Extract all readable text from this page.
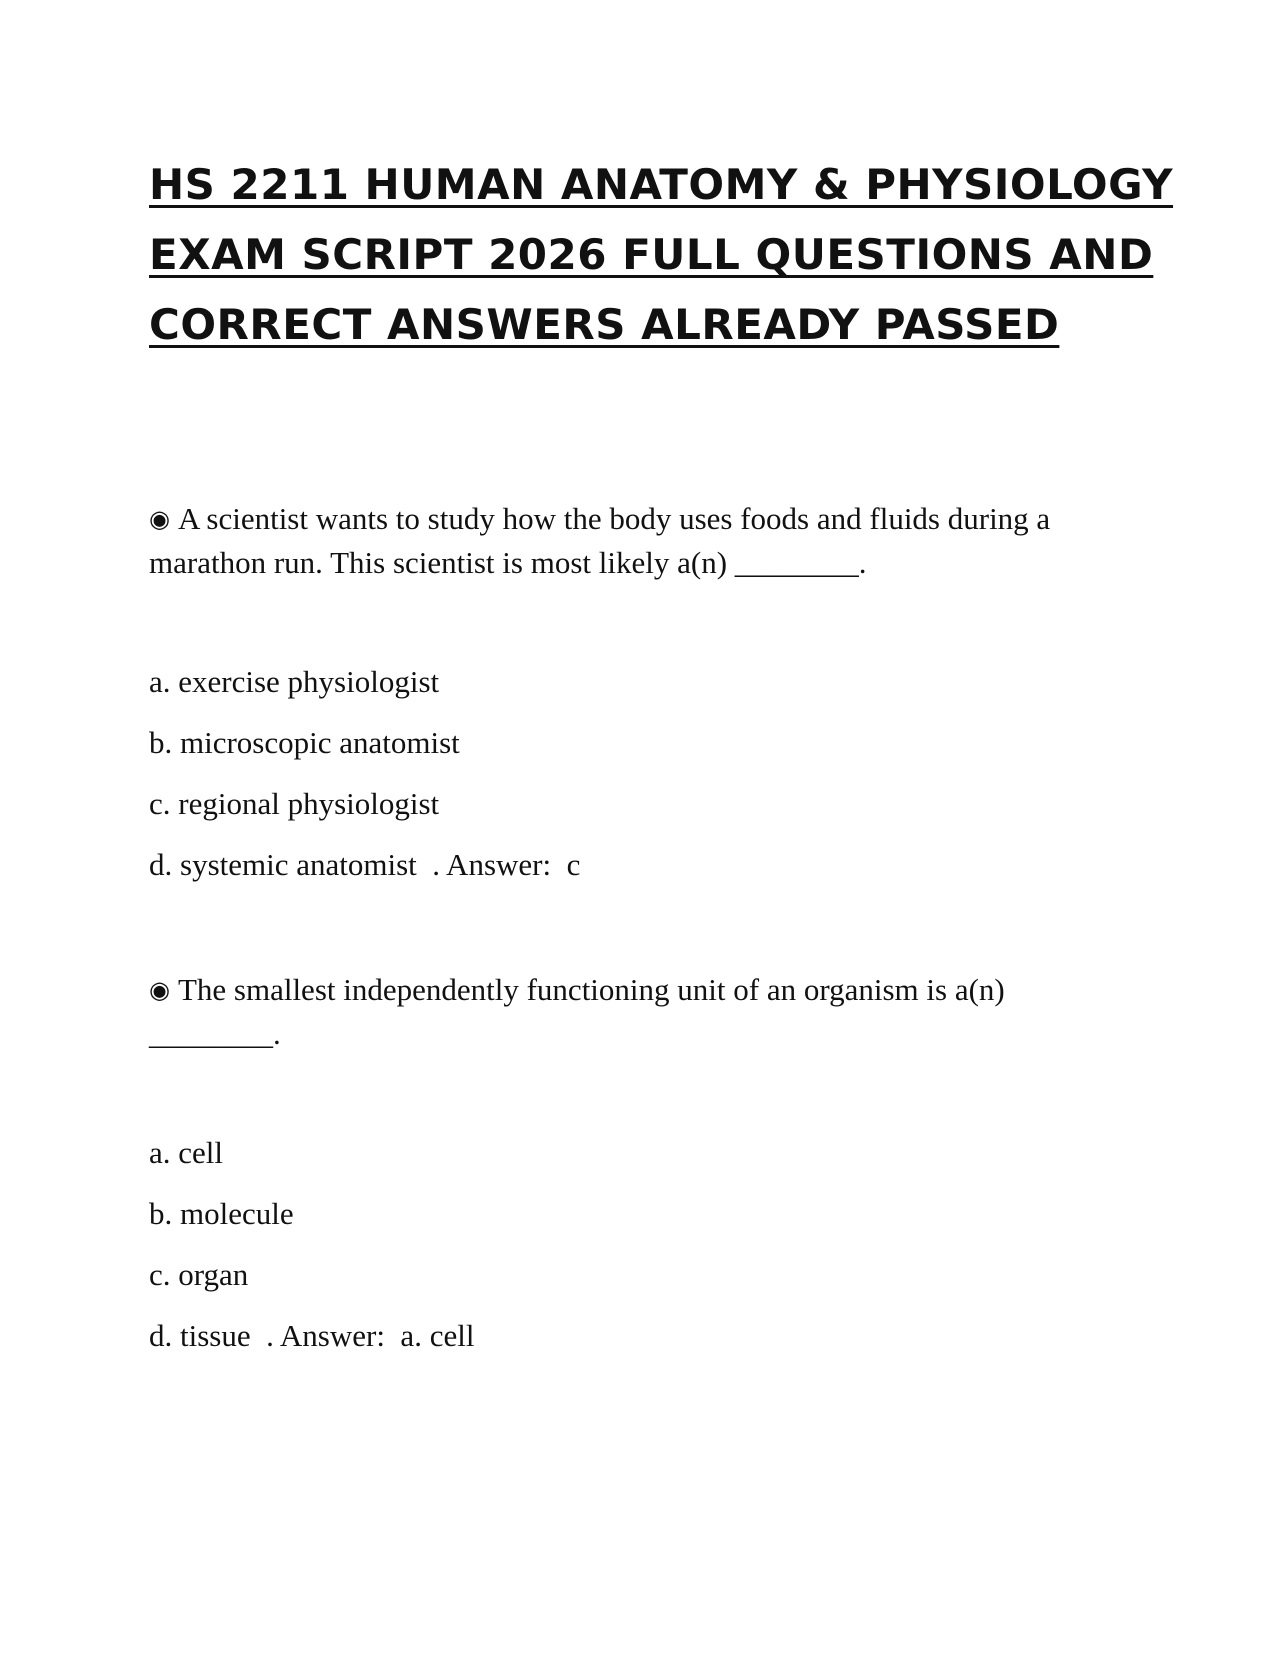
HS 2211 HUMAN ANATOMY & PHYSIOLOGY
EXAM SCRIPT 2026 FULL QUESTIONS AND
CORRECT ANSWERS ALREADY PASSED

◉ A scientist wants to study how the body uses foods and fluids during a marathon run. This scientist is most likely a(n) ________.

a. exercise physiologist
b. microscopic anatomist
c. regional physiologist
d. systemic anatomist  . Answer:  c

◉ The smallest independently functioning unit of an organism is a(n) ________.

a. cell
b. molecule
c. organ
d. tissue  . Answer:  a. cell
